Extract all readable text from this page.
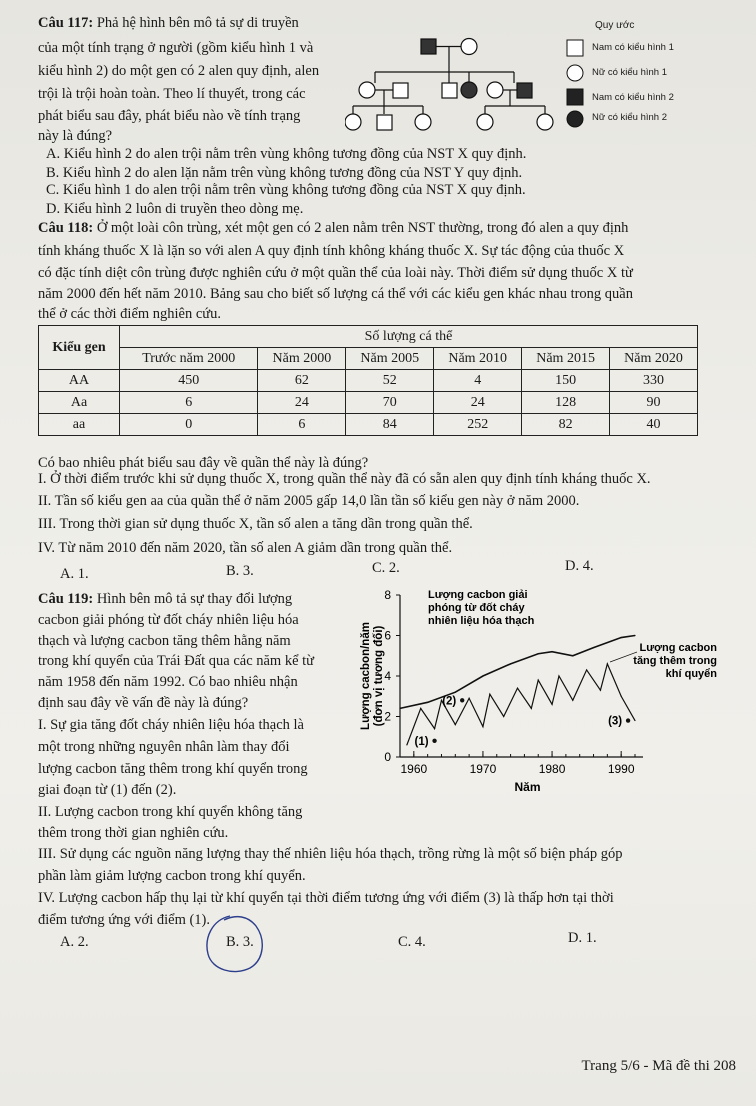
Câu 117: Phả hệ hình bên mô tả sự di truyền
của một tính trạng ở người (gồm kiểu hình 1 và
kiểu hình 2) do một gen có 2 alen quy định, alen
trội là trội hoàn toàn. Theo lí thuyết, trong các
phát biểu sau đây, phát biểu nào về tính trạng
này là đúng?
Quy ước
Nam có kiểu hình 1
Nữ có kiểu hình 1
Nam có kiểu hình 2
Nữ có kiểu hình 2
A. Kiểu hình 2 do alen trội nằm trên vùng không tương đồng của NST X quy định.
B. Kiểu hình 2 do alen lặn nằm trên vùng không tương đồng của NST Y quy định.
C. Kiểu hình 1 do alen trội nằm trên vùng không tương đồng của NST X quy định.
D. Kiểu hình 2 luôn di truyền theo dòng mẹ.
Câu 118: Ở một loài côn trùng, xét một gen có 2 alen nằm trên NST thường, trong đó alen a quy định
tính kháng thuốc X là lặn so với alen A quy định tính không kháng thuốc X. Sự tác động của thuốc X
có đặc tính diệt côn trùng được nghiên cứu ở một quần thể của loài này. Thời điểm sử dụng thuốc X từ
năm 2000 đến hết năm 2010. Bảng sau cho biết số lượng cá thể với các kiểu gen khác nhau trong quần
thể ở các thời điểm nghiên cứu.
Kiểu gen	Số lượng cá thể					
	Trước năm 2000	Năm 2000	Năm 2005	Năm 2010	Năm 2015	Năm 2020
AA	450	62	52	4	150	330
Aa	6	24	70	24	128	90
aa	0	6	84	252	82	40
Có bao nhiêu phát biểu sau đây về quần thể này là đúng?
I. Ở thời điểm trước khi sử dụng thuốc X, trong quần thể này đã có sẵn alen quy định tính kháng thuốc X.
II. Tần số kiểu gen aa của quần thể ở năm 2005 gấp 14,0 lần tần số kiểu gen này ở năm 2000.
III. Trong thời gian sử dụng thuốc X, tần số alen a tăng dần trong quần thể.
IV. Từ năm 2010 đến năm 2020, tần số alen A giảm dần trong quần thể.
A. 1.	B. 3.	C. 2.	D. 4.
Câu 119: Hình bên mô tả sự thay đổi lượng
cacbon giải phóng từ đốt cháy nhiên liệu hóa
thạch và lượng cacbon tăng thêm hằng năm
trong khí quyển của Trái Đất qua các năm kể từ
năm 1958 đến năm 1992. Có bao nhiêu nhận
định sau đây về vấn đề này là đúng?
I. Sự gia tăng đốt cháy nhiên liệu hóa thạch là
một trong những nguyên nhân làm thay đổi
lượng cacbon tăng thêm trong khí quyển trong
giai đoạn từ (1) đến (2).
II. Lượng cacbon trong khí quyển không tăng
thêm trong thời gian nghiên cứu.
Lượng cacbon/năm (đơn vị tương đối)
1960	1970	1980	1990
0
2
4
6
8
Năm
Lượng cacbon giải
phóng từ đốt cháy
nhiên liệu hóa thạch
Lượng cacbon
tăng thêm trong
khí quyển
(1)
(2)
(3)
III. Sử dụng các nguồn năng lượng thay thế nhiên liệu hóa thạch, trồng rừng là một số biện pháp góp
phần làm giảm lượng cacbon trong khí quyển.
IV. Lượng cacbon hấp thụ lại từ khí quyển tại thời điểm tương ứng với điểm (3) là thấp hơn tại thời
điểm tương ứng với điểm (1).
A. 2.	B. 3.	C. 4.	D. 1.
Trang 5/6 - Mã đề thi 208
